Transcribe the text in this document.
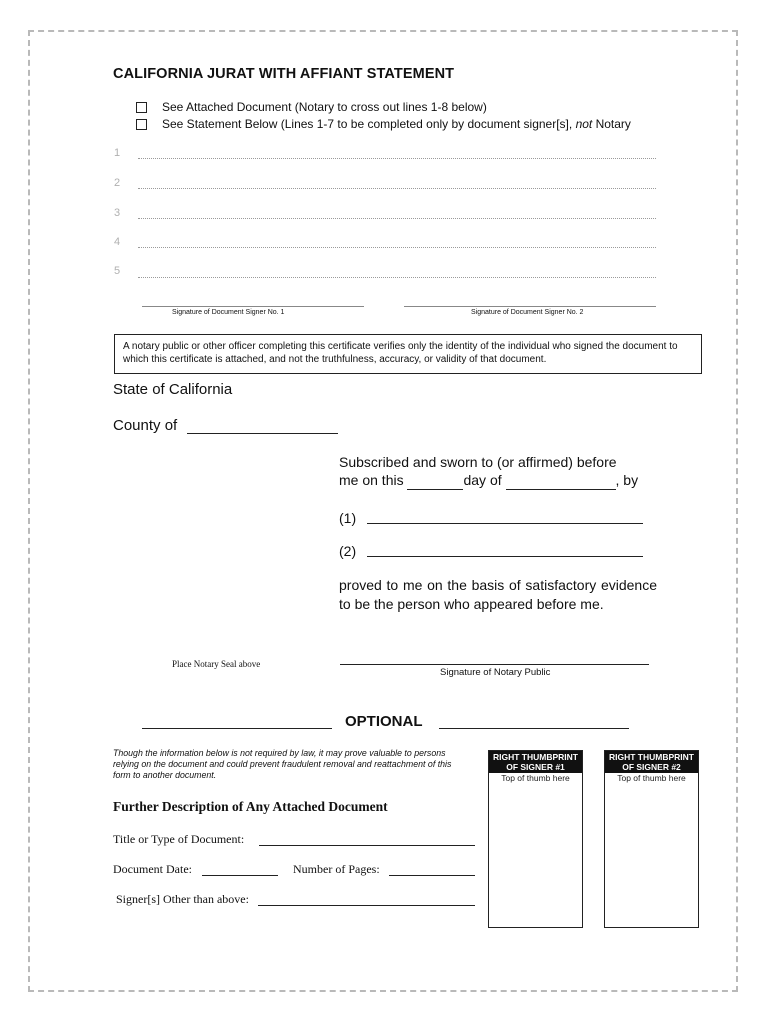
CALIFORNIA JURAT WITH AFFIANT STATEMENT
See Attached Document (Notary to cross out lines 1-8 below)
See Statement Below (Lines 1-7 to be completed only by document signer[s], not Notary
1
2
3
4
5
Signature of Document Signer No. 1	Signature of Document Signer No. 2
A notary public or other officer completing this certificate verifies only the identity of the individual who signed the document to which this certificate is attached, and not the truthfulness, accuracy, or validity of that document.
State of California
County of
Subscribed and sworn to (or affirmed) before
me on this	day of	, by
(1)
(2)
proved to me on the basis of satisfactory evidence to be the person who appeared before me.
Place Notary Seal above
Signature of Notary Public
OPTIONAL
Though the information below is not required by law, it may prove valuable to persons relying on the document and could prevent fraudulent removal and reattachment of this form to another document.
Further Description of Any Attached Document
Title or Type of Document:
Document Date:	Number of Pages:
Signer[s] Other than above:
RIGHT THUMBPRINT
OF SIGNER #1
Top of thumb here
RIGHT THUMBPRINT
OF SIGNER #2
Top of thumb here
